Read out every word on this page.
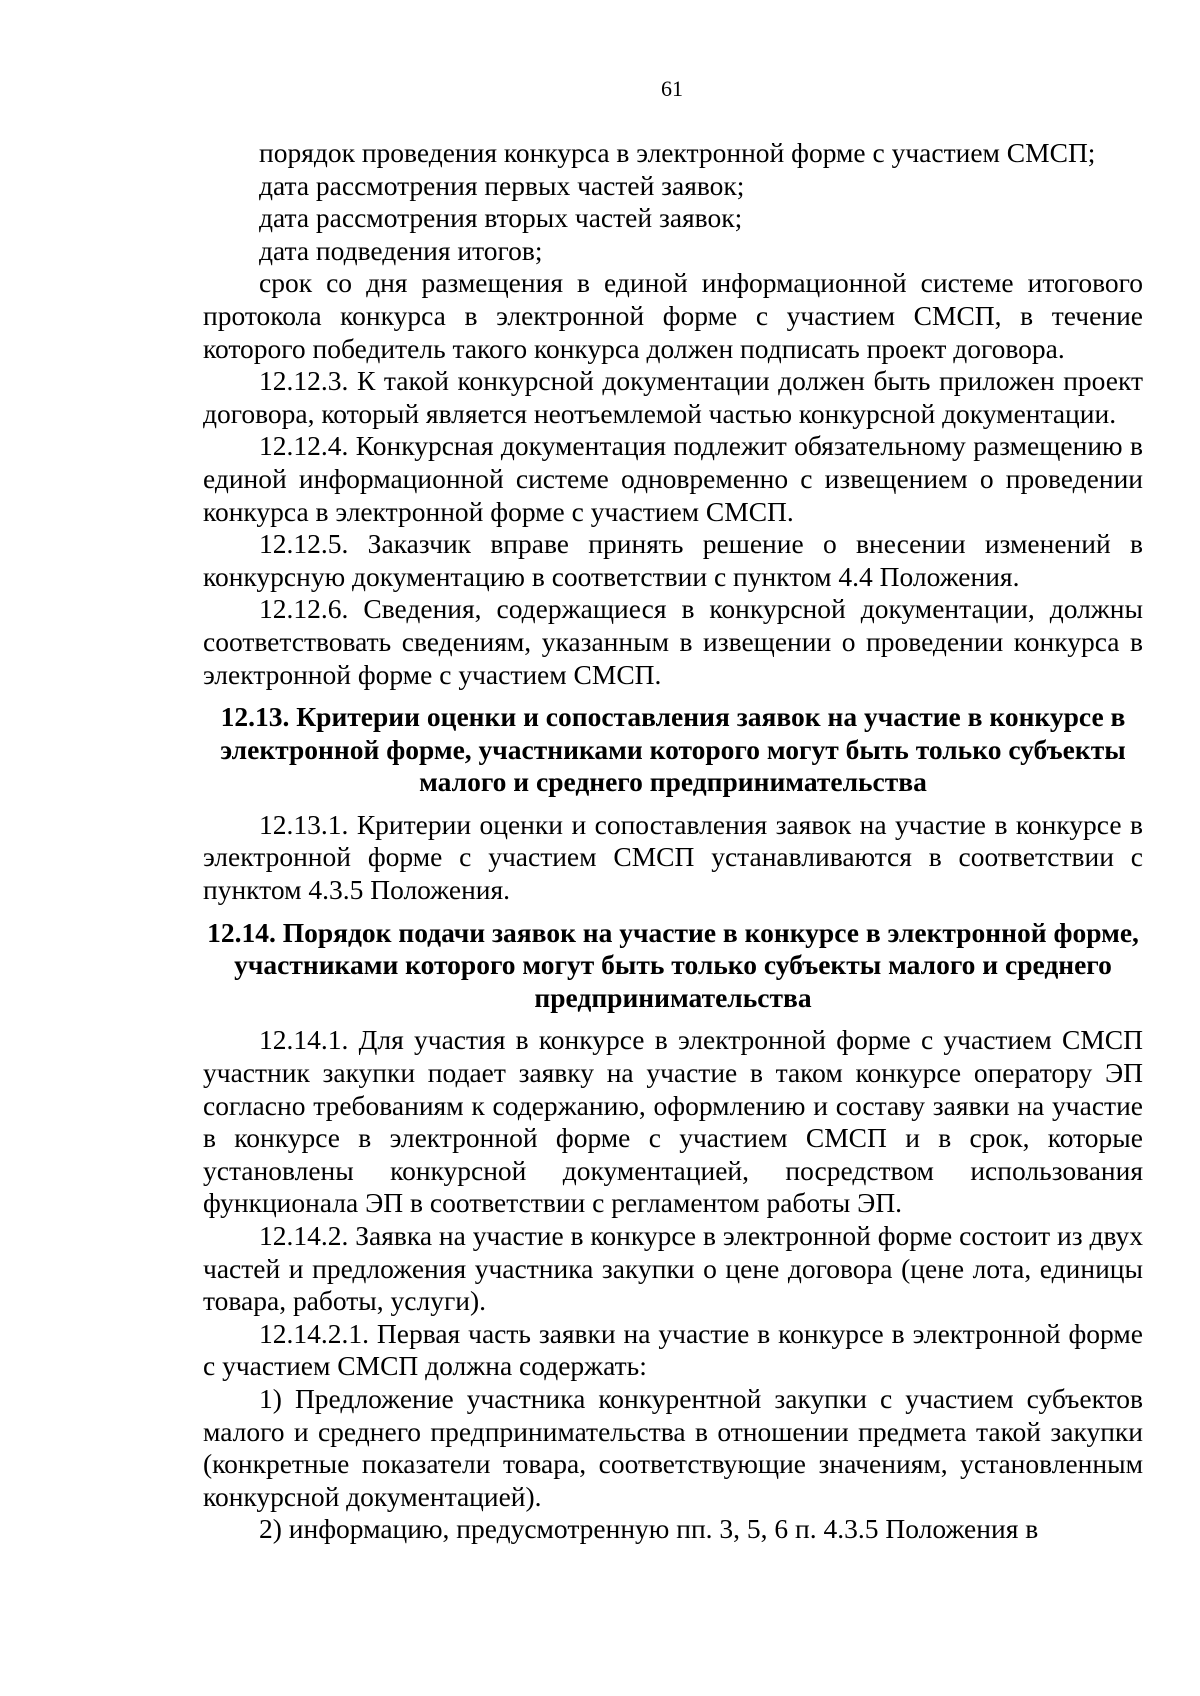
61

порядок проведения конкурса в электронной форме с участием СМСП;

дата рассмотрения первых частей заявок;

дата рассмотрения вторых частей заявок;

дата подведения итогов;

срок со дня размещения в единой информационной системе итогового протокола конкурса в электронной форме с участием СМСП, в течение которого победитель такого конкурса должен подписать проект договора.

12.12.3. К такой конкурсной документации должен быть приложен проект договора, который является неотъемлемой частью конкурсной документации.

12.12.4. Конкурсная документация подлежит обязательному размещению в единой информационной системе одновременно с извещением о проведении конкурса в электронной форме с участием СМСП.

12.12.5. Заказчик вправе принять решение о внесении изменений в конкурсную документацию в соответствии с пунктом 4.4 Положения.

12.12.6. Сведения, содержащиеся в конкурсной документации, должны соответствовать сведениям, указанным в извещении о проведении конкурса в электронной форме с участием СМСП.

12.13. Критерии оценки и сопоставления заявок на участие в конкурсе в электронной форме, участниками которого могут быть только субъекты малого и среднего предпринимательства

12.13.1. Критерии оценки и сопоставления заявок на участие в конкурсе в электронной форме с участием СМСП устанавливаются в соответствии с пунктом 4.3.5 Положения.

12.14. Порядок подачи заявок на участие в конкурсе в электронной форме, участниками которого могут быть только субъекты малого и среднего предпринимательства

12.14.1. Для участия в конкурсе в электронной форме с участием СМСП участник закупки подает заявку на участие в таком конкурсе оператору ЭП согласно требованиям к содержанию, оформлению и составу заявки на участие в конкурсе в электронной форме с участием СМСП и в срок, которые установлены конкурсной документацией, посредством использования функционала ЭП в соответствии с регламентом работы ЭП.

12.14.2. Заявка на участие в конкурсе в электронной форме состоит из двух частей и предложения участника закупки о цене договора (цене лота, единицы товара, работы, услуги).

12.14.2.1. Первая часть заявки на участие в конкурсе в электронной форме с участием СМСП должна содержать:

1) Предложение участника конкурентной закупки с участием субъектов малого и среднего предпринимательства в отношении предмета такой закупки (конкретные показатели товара, соответствующие значениям, установленным конкурсной документацией).

2) информацию, предусмотренную пп. 3, 5, 6 п. 4.3.5 Положения в
